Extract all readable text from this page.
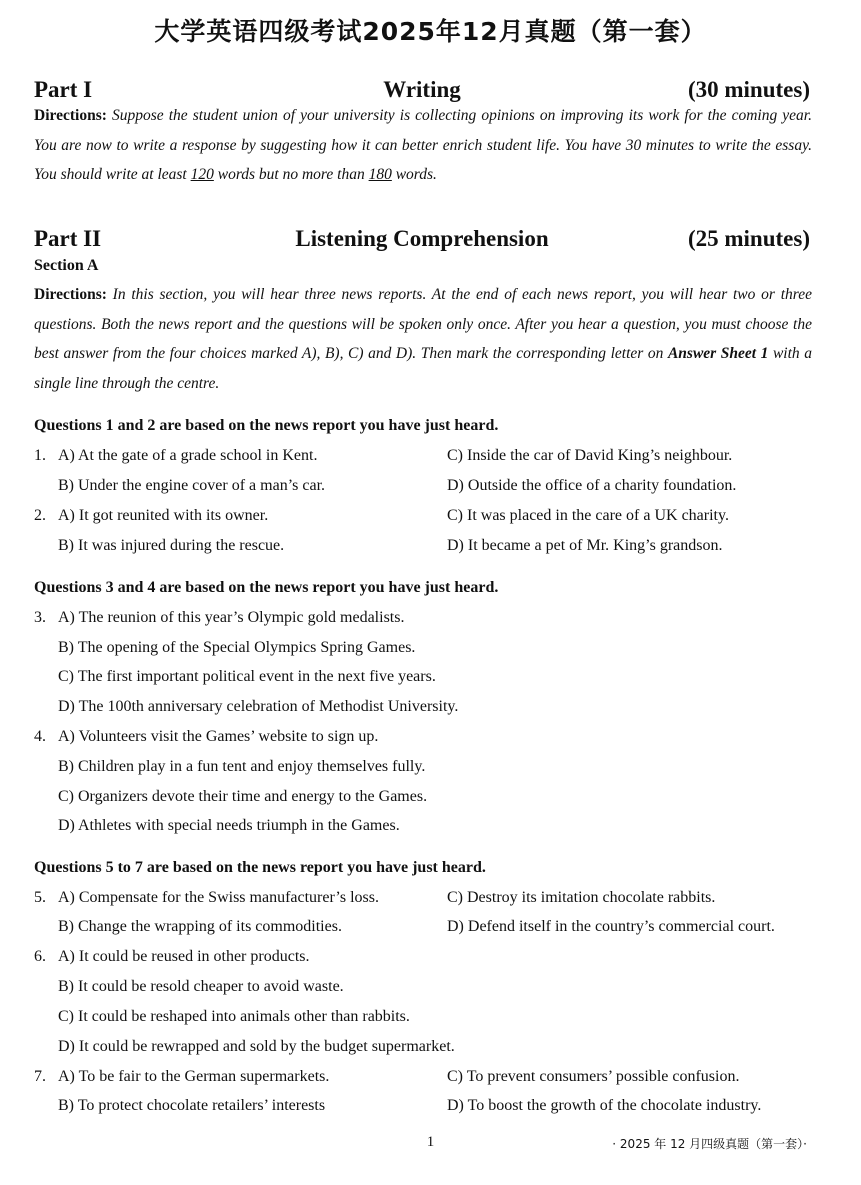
大学英语四级考试2025年12月真题（第一套）
Part I	Writing	(30 minutes)
Directions: Suppose the student union of your university is collecting opinions on improving its work for the coming year. You are now to write a response by suggesting how it can better enrich student life. You have 30 minutes to write the essay. You should write at least 120 words but no more than 180 words.
Part II	Listening Comprehension	(25 minutes)
Section A
Directions: In this section, you will hear three news reports. At the end of each news report, you will hear two or three questions. Both the news report and the questions will be spoken only once. After you hear a question, you must choose the best answer from the four choices marked A), B), C) and D). Then mark the corresponding letter on Answer Sheet 1 with a single line through the centre.
Questions 1 and 2 are based on the news report you have just heard.
1. A) At the gate of a grade school in Kent.	C) Inside the car of David King’s neighbour.
B) Under the engine cover of a man’s car.	D) Outside the office of a charity foundation.
2. A) It got reunited with its owner.	C) It was placed in the care of a UK charity.
B) It was injured during the rescue.	D) It became a pet of Mr. King’s grandson.
Questions 3 and 4 are based on the news report you have just heard.
3. A) The reunion of this year’s Olympic gold medalists.
B) The opening of the Special Olympics Spring Games.
C) The first important political event in the next five years.
D) The 100th anniversary celebration of Methodist University.
4. A) Volunteers visit the Games’ website to sign up.
B) Children play in a fun tent and enjoy themselves fully.
C) Organizers devote their time and energy to the Games.
D) Athletes with special needs triumph in the Games.
Questions 5 to 7 are based on the news report you have just heard.
5. A) Compensate for the Swiss manufacturer’s loss.	C) Destroy its imitation chocolate rabbits.
B) Change the wrapping of its commodities.	D) Defend itself in the country’s commercial court.
6. A) It could be reused in other products.
B) It could be resold cheaper to avoid waste.
C) It could be reshaped into animals other than rabbits.
D) It could be rewrapped and sold by the budget supermarket.
7. A) To be fair to the German supermarkets.	C) To prevent consumers’ possible confusion.
B) To protect chocolate retailers’ interests	D) To boost the growth of the chocolate industry.
1	· 2025 年 12 月四级真题（第一套）·
